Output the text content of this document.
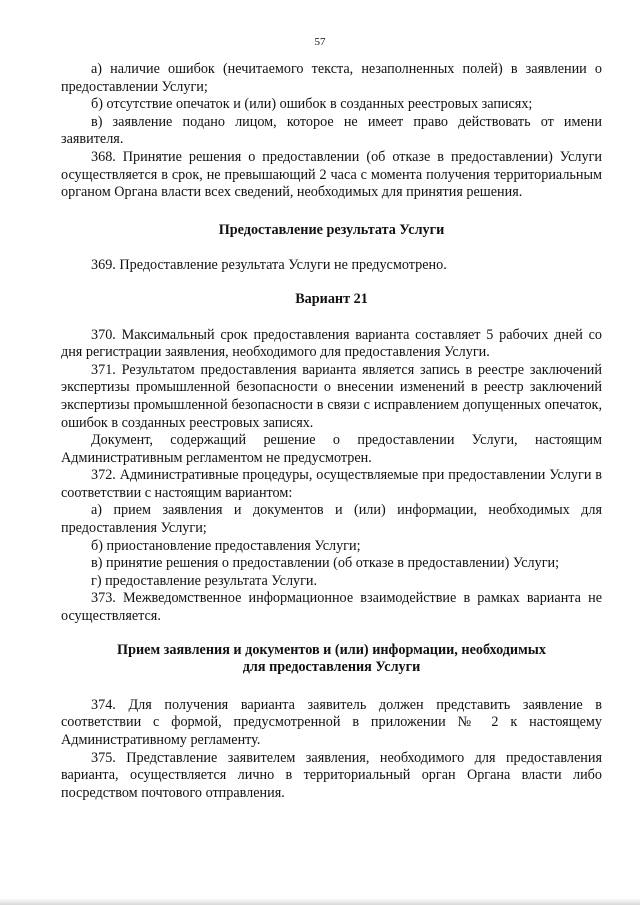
57

а) наличие ошибок (нечитаемого текста, незаполненных полей) в заявлении о предоставлении Услуги;

б) отсутствие опечаток и (или) ошибок в созданных реестровых записях;

в) заявление подано лицом, которое не имеет право действовать от имени заявителя.

368. Принятие решения о предоставлении (об отказе в предоставлении) Услуги осуществляется в срок, не превышающий 2 часа с момента получения территориальным органом Органа власти всех сведений, необходимых для принятия решения.

Предоставление результата Услуги

369. Предоставление результата Услуги не предусмотрено.

Вариант 21

370. Максимальный срок предоставления варианта составляет 5 рабочих дней со дня регистрации заявления, необходимого для предоставления Услуги.

371. Результатом предоставления варианта является запись в реестре заключений экспертизы промышленной безопасности о внесении изменений в реестр заключений экспертизы промышленной безопасности в связи с исправлением допущенных опечаток, ошибок в созданных реестровых записях.

Документ, содержащий решение о предоставлении Услуги, настоящим Административным регламентом не предусмотрен.

372. Административные процедуры, осуществляемые при предоставлении Услуги в соответствии с настоящим вариантом:

а) прием заявления и документов и (или) информации, необходимых для предоставления Услуги;

б) приостановление предоставления Услуги;

в) принятие решения о предоставлении (об отказе в предоставлении) Услуги;

г) предоставление результата Услуги.

373. Межведомственное информационное взаимодействие в рамках варианта не осуществляется.

Прием заявления и документов и (или) информации, необходимых
для предоставления Услуги

374. Для получения варианта заявитель должен представить заявление в соответствии с формой, предусмотренной в приложении № 2 к настоящему Административному регламенту.

375. Представление заявителем заявления, необходимого для предоставления варианта, осуществляется лично в территориальный орган Органа власти либо посредством почтового отправления.
